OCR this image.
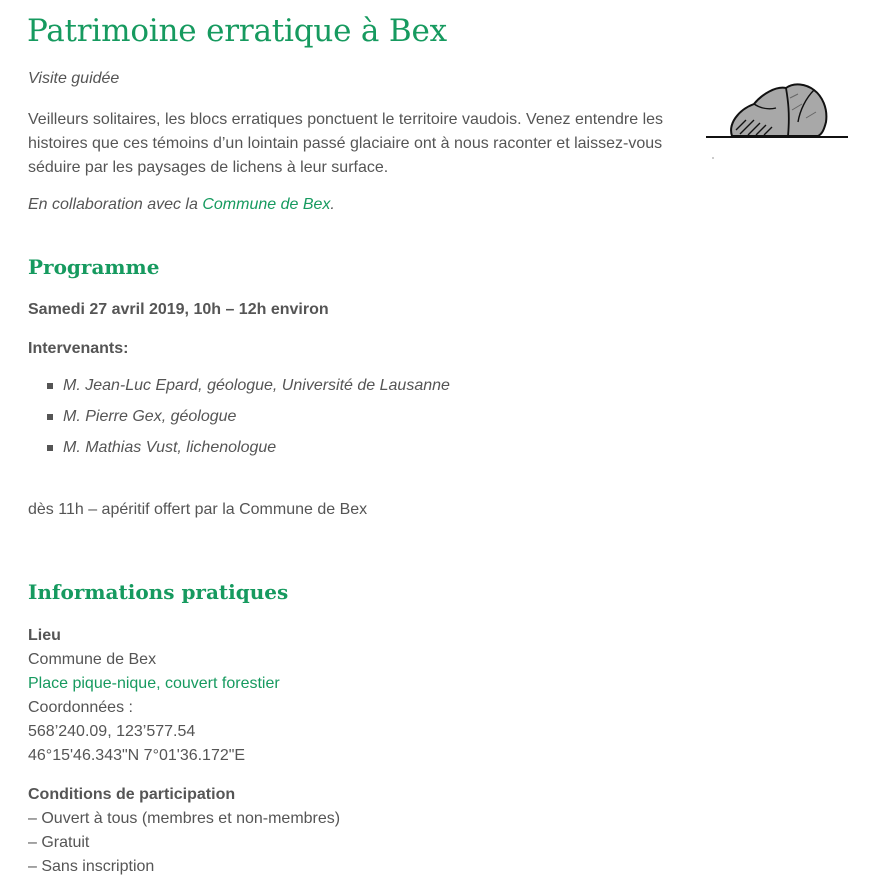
Patrimoine erratique à Bex
Visite guidée
Veilleurs solitaires, les blocs erratiques ponctuent le territoire vaudois. Venez entendre les histoires que ces témoins d’un lointain passé glaciaire ont à nous raconter et laissez-vous séduire par les paysages de lichens à leur surface.
En collaboration avec la Commune de Bex.
Programme
Samedi 27 avril 2019, 10h – 12h environ
Intervenants:
M. Jean-Luc Epard, géologue, Université de Lausanne
M. Pierre Gex, géologue
M. Mathias Vust, lichenologue
dès 11h – apéritif offert par la Commune de Bex
Informations pratiques
Lieu
Commune de Bex
Place pique-nique, couvert forestier
Coordonnées :
568’240.09, 123’577.54
46°15'46.343"N 7°01'36.172"E
Conditions de participation
– Ouvert à tous (membres et non-membres)
– Gratuit
– Sans inscription
